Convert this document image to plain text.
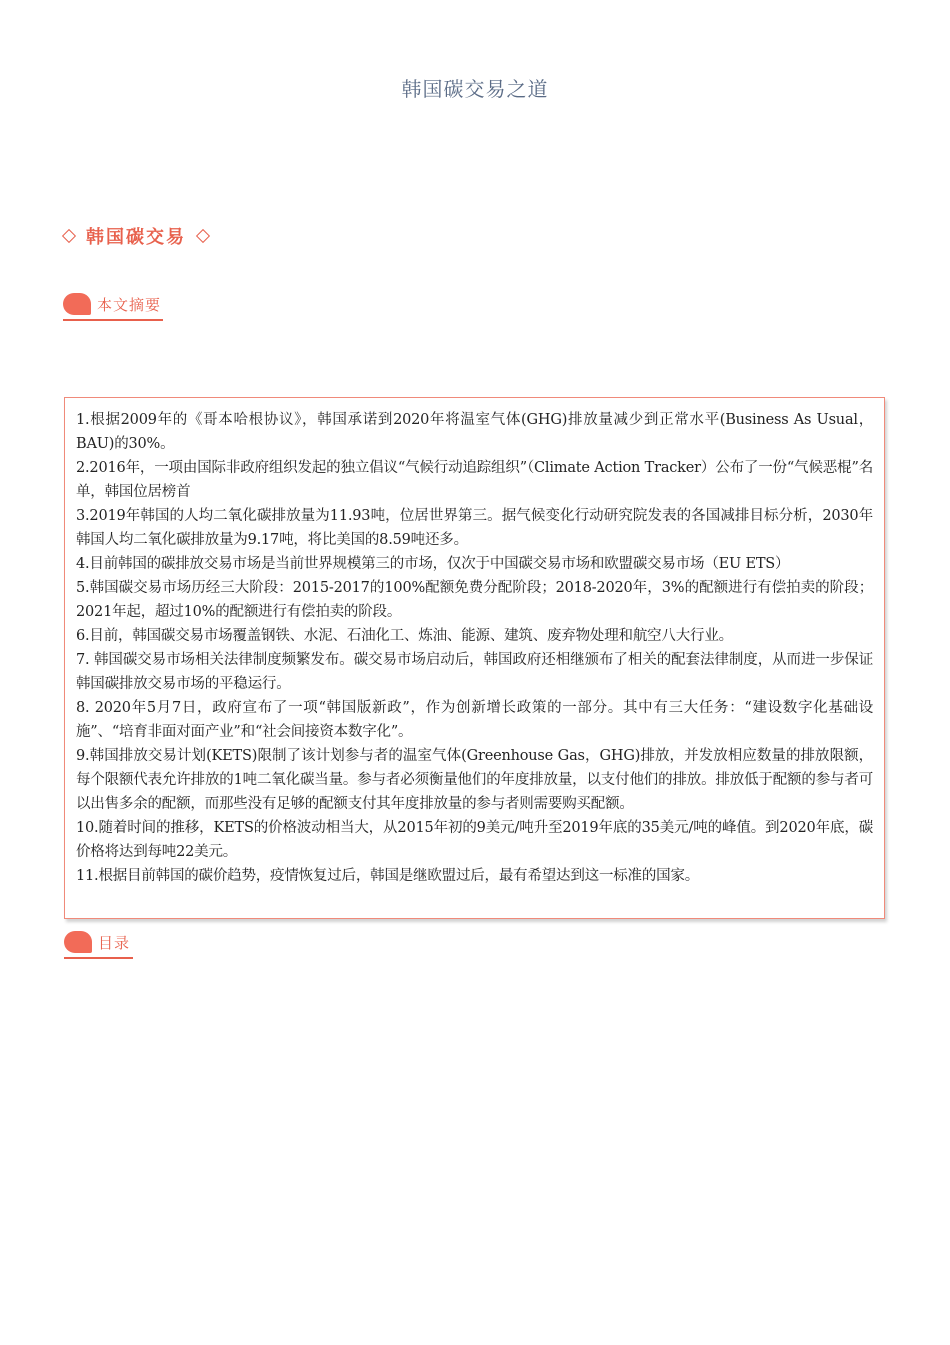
韩国碳交易之道
韩国碳交易
本文摘要
1.根据2009年的《哥本哈根协议》，韩国承诺到2020年将温室气体(GHG)排放量减少到正常水平(Business As Usual，BAU)的30%。
2.2016年，一项由国际非政府组织发起的独立倡议“气候行动追踪组织”（Climate Action Tracker）公布了一份“气候恶棍”名单，韩国位居榜首
3.2019年韩国的人均二氧化碳排放量为11.93吨，位居世界第三。据气候变化行动研究院发表的各国减排目标分析，2030年韩国人均二氧化碳排放量为9.17吨，将比美国的8.59吨还多。
4.目前韩国的碳排放交易市场是当前世界规模第三的市场，仅次于中国碳交易市场和欧盟碳交易市场（EU ETS）
5.韩国碳交易市场历经三大阶段：2015-2017的100%配额免费分配阶段；2018-2020年，3%的配额进行有偿拍卖的阶段；2021年起，超过10%的配额进行有偿拍卖的阶段。
6.目前，韩国碳交易市场覆盖钢铁、水泥、石油化工、炼油、能源、建筑、废弃物处理和航空八大行业。
7. 韩国碳交易市场相关法律制度频繁发布。碳交易市场启动后，韩国政府还相继颁布了相关的配套法律制度，从而进一步保证韩国碳排放交易市场的平稳运行。
8. 2020年5月7日，政府宣布了一项“韩国版新政”，作为创新增长政策的一部分。其中有三大任务：“建设数字化基础设施”、“培育非面对面产业”和“社会间接资本数字化”。
9.韩国排放交易计划(KETS)限制了该计划参与者的温室气体(Greenhouse Gas，GHG)排放，并发放相应数量的排放限额，每个限额代表允许排放的1吨二氧化碳当量。参与者必须衡量他们的年度排放量，以支付他们的排放。排放低于配额的参与者可以出售多余的配额，而那些没有足够的配额支付其年度排放量的参与者则需要购买配额。
10.随着时间的推移，KETS的价格波动相当大，从2015年初的9美元/吨升至2019年底的35美元/吨的峰值。到2020年底，碳价格将达到每吨22美元。
11.根据目前韩国的碳价趋势，疫情恢复过后，韩国是继欧盟过后，最有希望达到这一标准的国家。
目录
